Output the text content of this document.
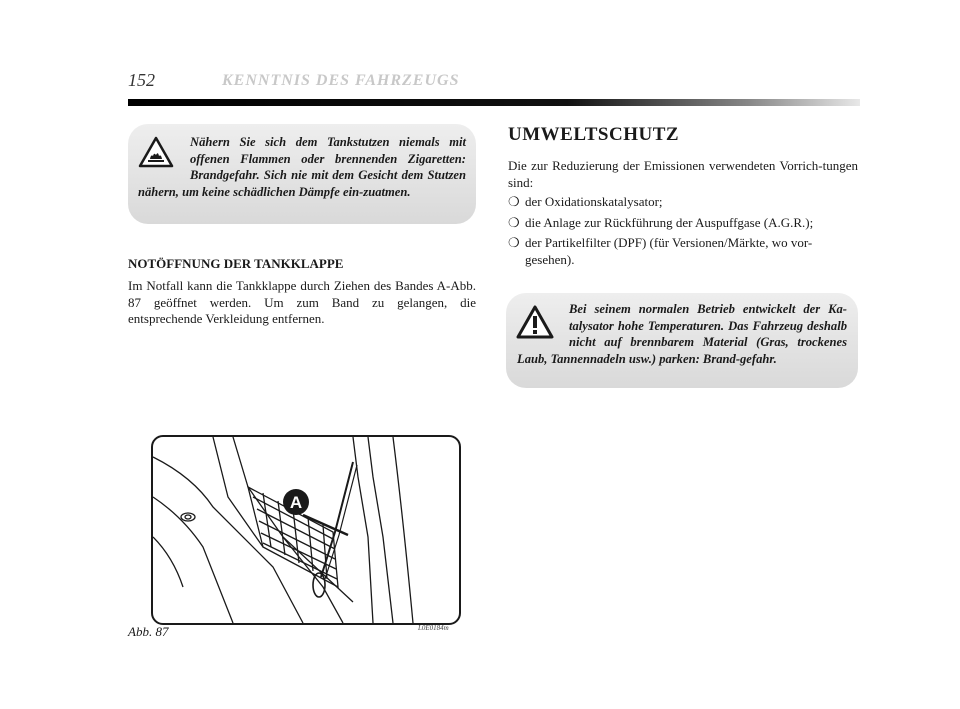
152	KENNTNIS DES FAHRZEUGS
Nähern Sie sich dem Tankstutzen niemals mit offenen Flammen oder brennenden Zigaretten: Brandgefahr. Sich nie mit dem Gesicht dem Stutzen nähern, um keine schädlichen Dämpfe ein-zuatmen.
NOTÖFFNUNG DER TANKKLAPPE
Im Notfall kann die Tankklappe durch Ziehen des Bandes A-Abb. 87 geöffnet werden. Um zum Band zu gelangen, die entsprechende Verkleidung entfernen.
UMWELTSCHUTZ
Die zur Reduzierung der Emissionen verwendeten Vorrich-tungen sind:
❍ der Oxidationskatalysator;
❍ die Anlage zur Rückführung der Auspuffgase (A.G.R.);
❍ der Partikelfilter (DPF) (für Versionen/Märkte, wo vor-gesehen).
Bei seinem normalen Betrieb entwickelt der Ka-talysator hohe Temperaturen. Das Fahrzeug deshalb nicht auf brennbarem Material (Gras, trockenes Laub, Tannennadeln usw.) parken: Brand-gefahr.
A
Abb. 87	L0E0184m
